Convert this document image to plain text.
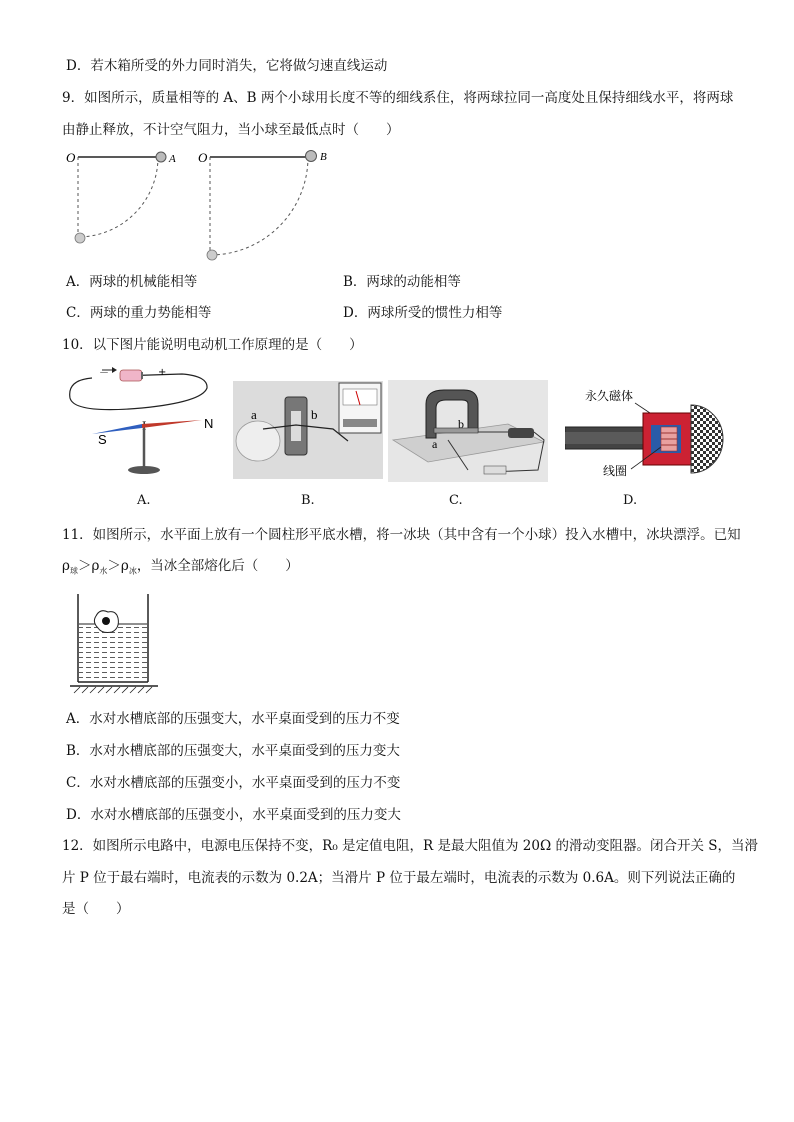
D．若木箱所受的外力同时消失，它将做匀速直线运动
9．如图所示，质量相等的 A、B 两个小球用长度不等的细线系住，将两球拉同一高度处且保持细线水平，将两球
由静止释放，不计空气阻力，当小球至最低点时（　　）
O	A O	B
A．两球的机械能相等	B．两球的动能相等
C．两球的重力势能相等	D．两球所受的惯性力相等
10．以下图片能说明电动机工作原理的是（　　）
－	+
N
S
A.
a	b
B.
b
a
C.
永久磁体
线圈
D.
11．如图所示，水平面上放有一个圆柱形平底水槽，将一冰块（其中含有一个小球）投入水槽中，冰块漂浮。已知
$\rho_球>\rho_水>\rho_冰$，当冰全部熔化后（　　）
A．水对水槽底部的压强变大，水平桌面受到的压力不变
B．水对水槽底部的压强变大，水平桌面受到的压力变大
C．水对水槽底部的压强变小，水平桌面受到的压力不变
D．水对水槽底部的压强变小，水平桌面受到的压力变大
12．如图所示电路中，电源电压保持不变，R₀ 是定值电阻，R 是最大阻值为 20Ω 的滑动变阻器。闭合开关 S，当滑
片 P 位于最右端时，电流表的示数为 0.2A；当滑片 P 位于最左端时，电流表的示数为 0.6A。则下列说法正确的
是（　　）
